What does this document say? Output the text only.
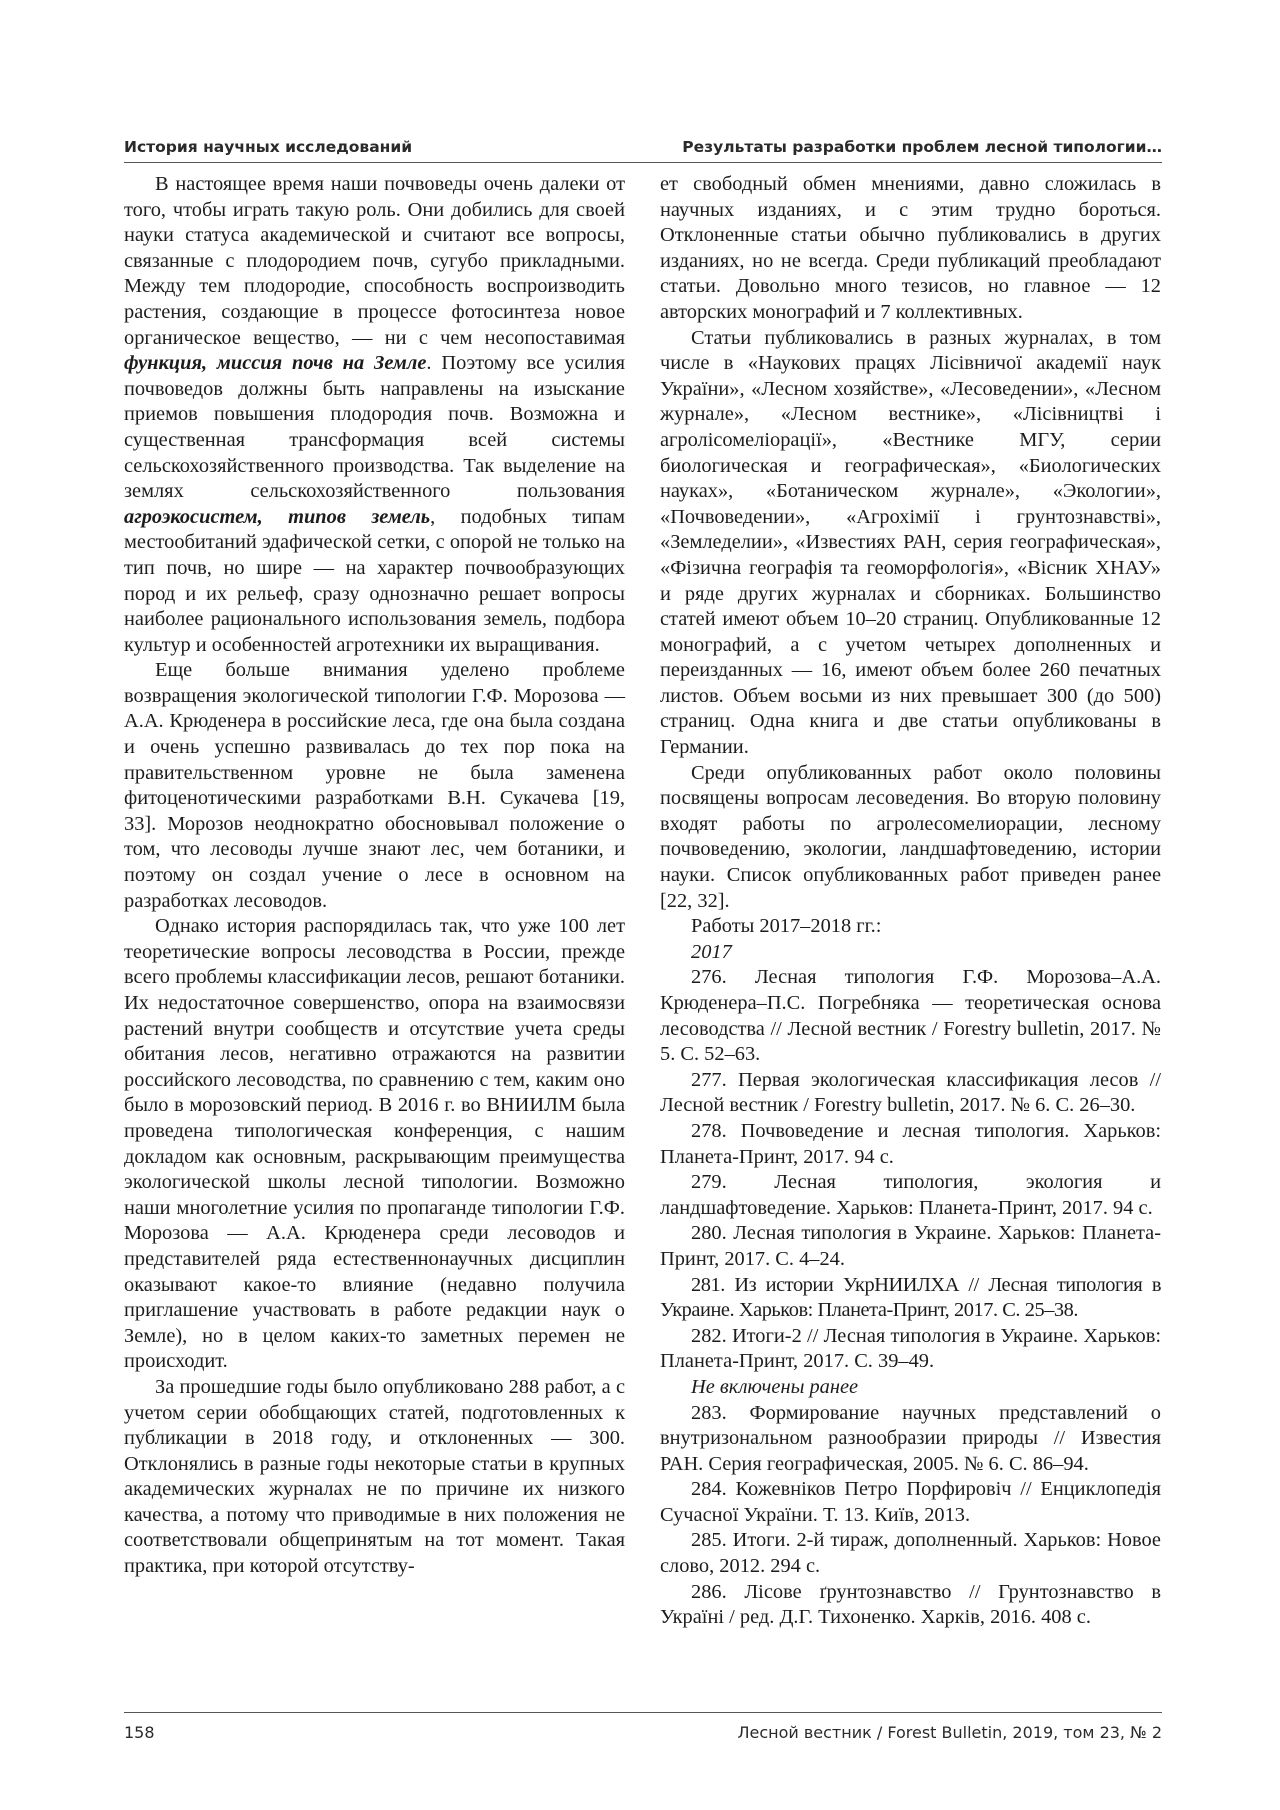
История научных исследований	Результаты разработки проблем лесной типологии…

В настоящее время наши почвоведы очень далеки от того, чтобы играть такую роль. Они добились для своей науки статуса академической и считают все вопросы, связанные с плодородием почв, сугубо прикладными. Между тем плодородие, способность воспроизводить растения, создающие в процессе фотосинтеза новое органическое вещество, — ни с чем несопоставимая функция, миссия почв на Земле. Поэтому все усилия почвоведов должны быть направлены на изыскание приемов повышения плодородия почв. Возможна и существенная трансформация всей системы сельскохозяйственного производства. Так выделение на землях сельскохозяйственного пользования агроэкосистем, типов земель, подобных типам местообитаний эдафической сетки, с опорой не только на тип почв, но шире — на характер почвообразующих пород и их рельеф, сразу однозначно решает вопросы наиболее рационального использования земель, подбора культур и особенностей агротехники их выращивания.

Еще больше внимания уделено проблеме возвращения экологической типологии Г.Ф. Морозова — А.А. Крюденера в российские леса, где она была создана и очень успешно развивалась до тех пор пока на правительственном уровне не была заменена фитоценотическими разработками В.Н. Сукачева [19, 33]. Морозов неоднократно обосновывал положение о том, что лесоводы лучше знают лес, чем ботаники, и поэтому он создал учение о лесе в основном на разработках лесоводов.

Однако история распорядилась так, что уже 100 лет теоретические вопросы лесоводства в России, прежде всего проблемы классификации лесов, решают ботаники. Их недостаточное совершенство, опора на взаимосвязи растений внутри сообществ и отсутствие учета среды обитания лесов, негативно отражаются на развитии российского лесоводства, по сравнению с тем, каким оно было в морозовский период. В 2016 г. во ВНИИЛМ была проведена типологическая конференция, с нашим докладом как основным, раскрывающим преимущества экологической школы лесной типологии. Возможно наши многолетние усилия по пропаганде типологии Г.Ф. Морозова — А.А. Крюденера среди лесоводов и представителей ряда естественнонаучных дисциплин оказывают какое-то влияние (недавно получила приглашение участвовать в работе редакции наук о Земле), но в целом каких-то заметных перемен не происходит.

За прошедшие годы было опубликовано 288 работ, а с учетом серии обобщающих статей, подготовленных к публикации в 2018 году, и отклоненных — 300. Отклонялись в разные годы некоторые статьи в крупных академических журналах не по причине их низкого качества, а потому что приводимые в них положения не соответствовали общепринятым на тот момент. Такая практика, при которой отсутству-

ет свободный обмен мнениями, давно сложилась в научных изданиях, и с этим трудно бороться. Отклоненные статьи обычно публиковались в других изданиях, но не всегда. Среди публикаций преобладают статьи. Довольно много тезисов, но главное — 12 авторских монографий и 7 коллективных.

Статьи публиковались в разных журналах, в том числе в «Наукових працях Лісівничої академії наук України», «Лесном хозяйстве», «Лесоведении», «Лесном журнале», «Лесном вестнике», «Лісівництві і агролісомеліорації», «Вестнике МГУ, серии биологическая и географическая», «Биологических науках», «Ботаническом журнале», «Экологии», «Почвоведении», «Агрохімії і грунтознавстві», «Земледелии», «Известиях РАН, серия географическая», «Фізична географія та геоморфологія», «Вісник ХНАУ» и ряде других журналах и сборниках. Большинство статей имеют объем 10–20 страниц. Опубликованные 12 монографий, а с учетом четырех дополненных и переизданных — 16, имеют объем более 260 печатных листов. Объем восьми из них превышает 300 (до 500) страниц. Одна книга и две статьи опубликованы в Германии.

Среди опубликованных работ около половины посвящены вопросам лесоведения. Во вторую половину входят работы по агролесомелиорации, лесному почвоведению, экологии, ландшафтоведению, истории науки. Список опубликованных работ приведен ранее [22, 32].

Работы 2017–2018 гг.:

2017

276. Лесная типология Г.Ф. Морозова–А.А. Крюденера–П.С. Погребняка — теоретическая основа лесоводства // Лесной вестник / Forestry bulletin, 2017. № 5. С. 52–63.

277. Первая экологическая классификация лесов // Лесной вестник / Forestry bulletin, 2017. № 6. С. 26–30.

278. Почвоведение и лесная типология. Харьков: Планета-Принт, 2017. 94 с.

279. Лесная типология, экология и ландшафтоведение. Харьков: Планета-Принт, 2017. 94 с.

280. Лесная типология в Украине. Харьков: Планета-Принт, 2017. С. 4–24.

281. Из истории УкрНИИЛХА // Лесная типология в Украине. Харьков: Планета-Принт, 2017. С. 25–38.

282. Итоги-2 // Лесная типология в Украине. Харьков: Планета-Принт, 2017. С. 39–49.

Не включены ранее

283. Формирование научных представлений о внутризональном разнообразии природы // Известия РАН. Серия географическая, 2005. № 6. С. 86–94.

284. Кожевніков Петро Порфировіч // Енциклопедія Сучасної України. Т. 13. Київ, 2013.

285. Итоги. 2-й тираж, дополненный. Харьков: Новое слово, 2012. 294 с.

286. Лісове ґрунтознавство // Грунтознавство в Україні / ред. Д.Г. Тихоненко. Харків, 2016. 408 с.

158	Лесной вестник / Forest Bulletin, 2019, том 23, № 2
